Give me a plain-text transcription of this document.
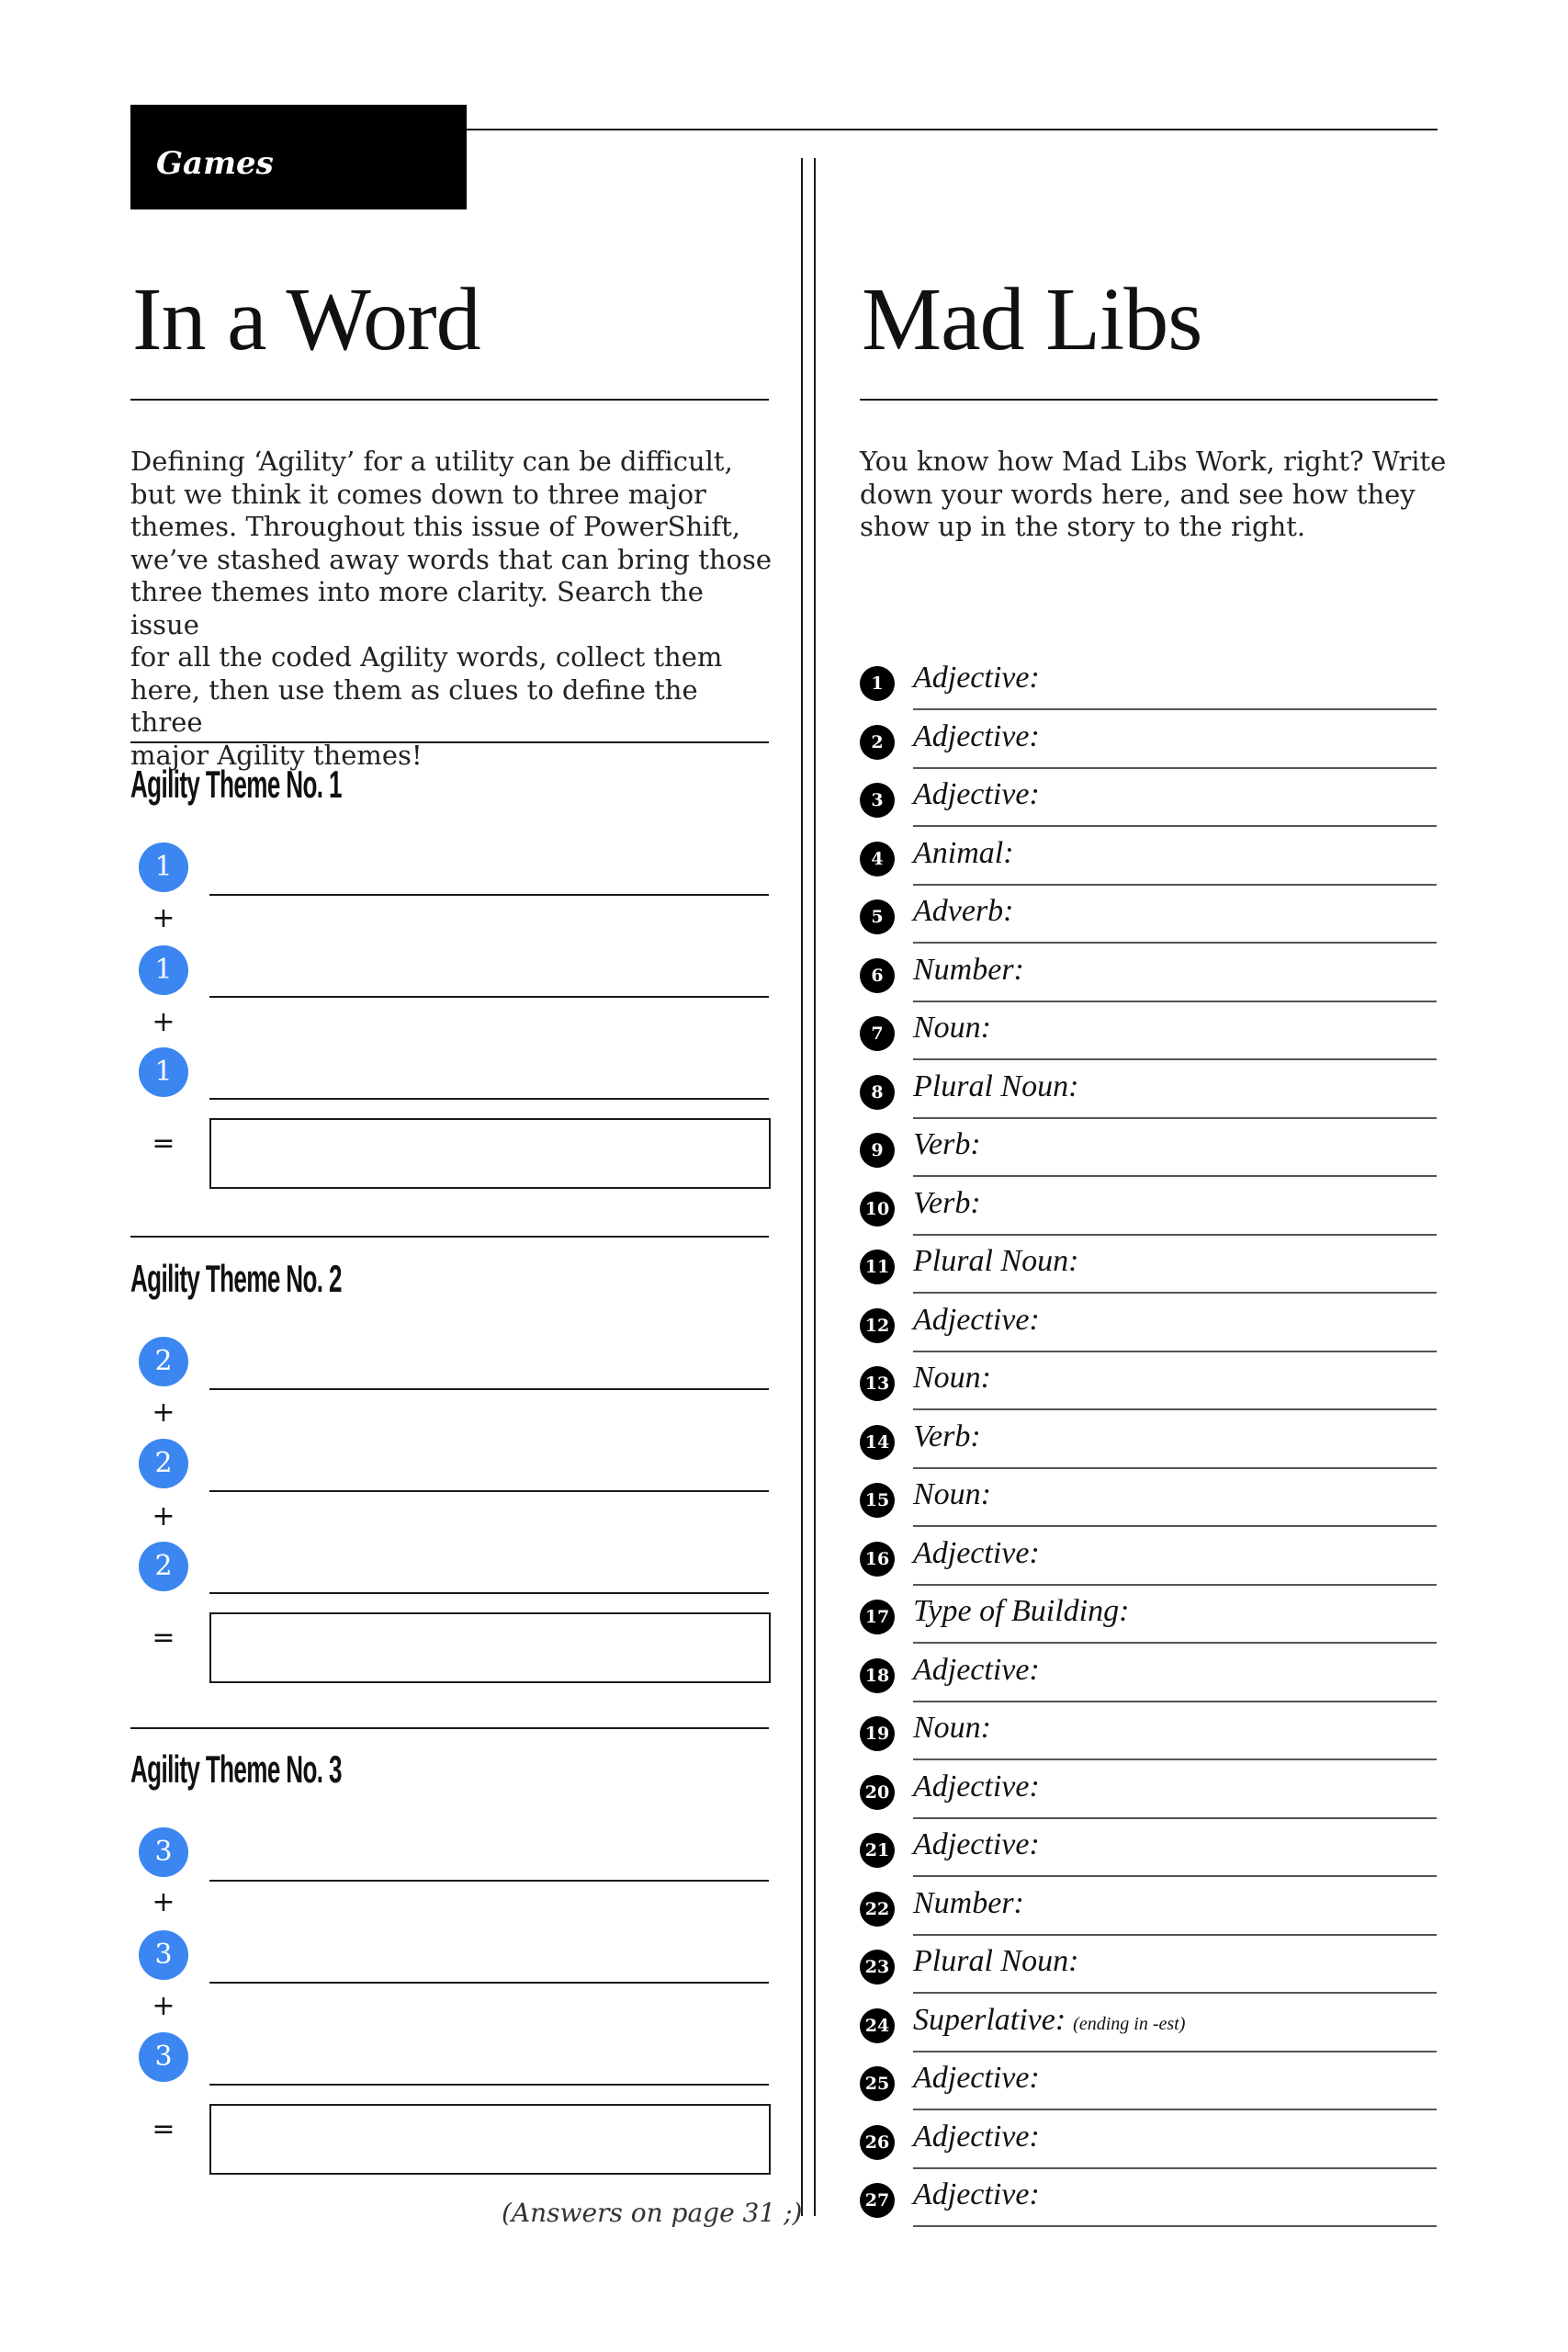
Games
In a Word
Defining ‘Agility’ for a utility can be difficult,
but we think it comes down to three major
themes. Throughout this issue of PowerShift,
we’ve stashed away words that can bring those
three themes into more clarity. Search the issue
for all the coded Agility words, collect them
here, then use them as clues to define the three
major Agility themes!
Agility Theme No. 1
1
+
1
+
1
=
Agility Theme No. 2
2
+
2
+
2
=
Agility Theme No. 3
3
+
3
+
3
=

(Answers on page 31 ;)

Mad Libs
You know how Mad Libs Work, right? Write
down your words here, and see how they
show up in the story to the right.
1 Adjective:
2 Adjective:
3 Adjective:
4 Animal:
5 Adverb:
6 Number:
7 Noun:
8 Plural Noun:
9 Verb:
10 Verb:
11 Plural Noun:
12 Adjective:
13 Noun:
14 Verb:
15 Noun:
16 Adjective:
17 Type of Building:
18 Adjective:
19 Noun:
20 Adjective:
21 Adjective:
22 Number:
23 Plural Noun:
24 Superlative: (ending in -est)
25 Adjective:
26 Adjective:
27 Adjective:
